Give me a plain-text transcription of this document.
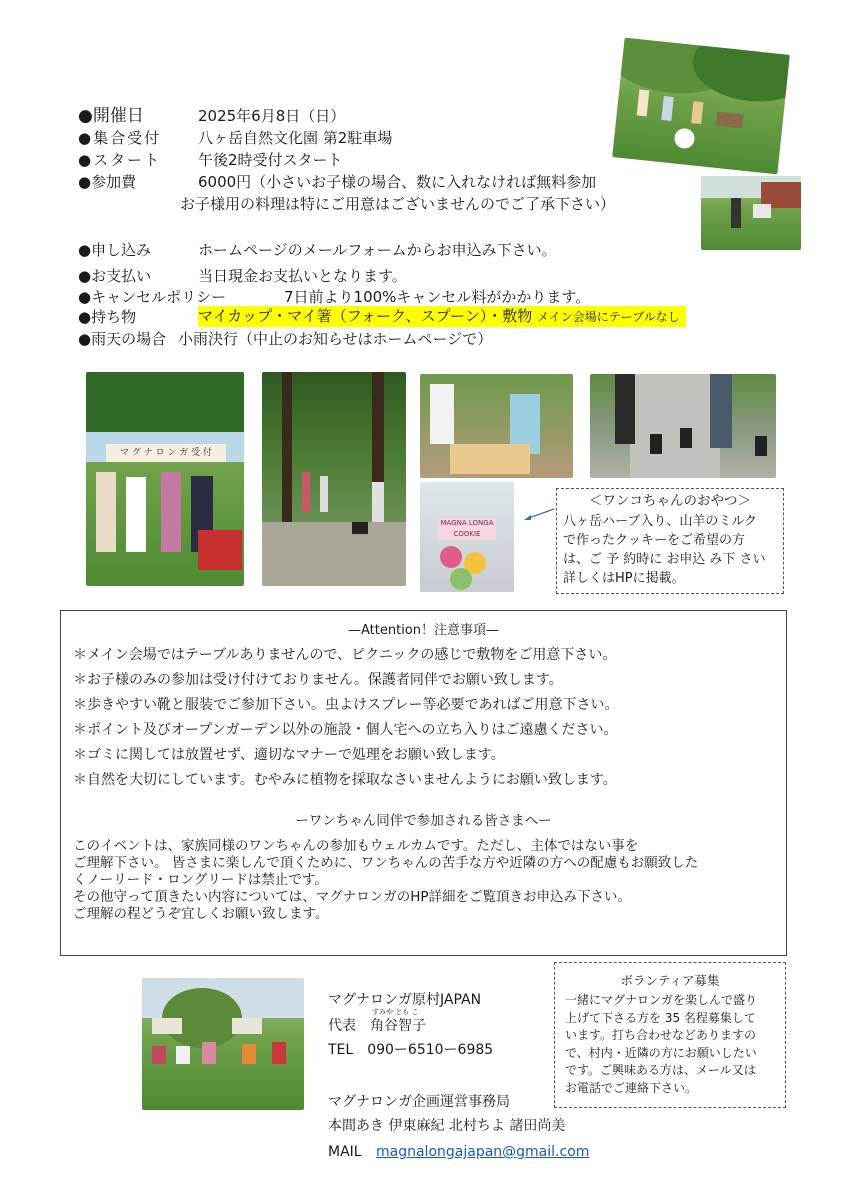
●開催日	2025年6月8日（日）
●集合受付 八ヶ岳自然文化園 第2駐車場
●スタート 午後2時受付スタート
●参加費	6000円（小さいお子様の場合、数に入れなければ無料参加
お子様用の料理は特にご用意はございませんのでご了承下さい）
●申し込み	ホームページのメールフォームからお申込み下さい。
●お支払い	当日現金お支払いとなります。
●キャンセルポリシー	7日前より100%キャンセル料がかかります。
●持ち物	マイカップ・マイ箸（フォーク、スプーン）・敷物 メイン会場にテーブルなし
●雨天の場合 小雨決行（中止のお知らせはホームページで）
マ グ ナ ロ ン ガ 受 付
MAGNA LONGA COOKIE
＜ワンコちゃんのおやつ＞
八ヶ岳ハーブ入り、山羊のミルク
で作ったクッキーをご希望の方
は、ご 予 約時に お申込 み下 さい
詳しくはHPに掲載。
—Attention！注意事項—
＊メイン会場ではテーブルありませんので、ピクニックの感じで敷物をご用意下さい。
＊お子様のみの参加は受け付けておりません。保護者同伴でお願い致します。
＊歩きやすい靴と服装でご参加下さい。虫よけスプレー等必要であればご用意下さい。
＊ポイント及びオープンガーデン以外の施設・個人宅への立ち入りはご遠慮ください。
＊ゴミに関しては放置せず、適切なマナーで処理をお願い致します。
＊自然を大切にしています。むやみに植物を採取なさいませんようにお願い致します。
ーワンちゃん同伴で参加される皆さまへー
このイベントは、家族同様のワンちゃんの参加もウェルカムです。ただし、主体ではない事を
ご理解下さい。 皆さまに楽しんで頂くために、ワンちゃんの苦手な方や近隣の方への配慮もお願致した
くノーリード・ロングリードは禁止です。
その他守って頂きたい内容については、マグナロンガのHP詳細をご覧頂きお申込み下さい。
ご理解の程どうぞ宜しくお願い致します。
マグナロンガ原村JAPAN
すみや とも こ
代表　角谷智子
TEL　090ー6510ー6985
マグナロンガ企画運営事務局
本間あき 伊東麻紀 北村ちよ 諸田尚美
MAIL magnalongajapan@gmail.com
ボランティア募集
一緒にマグナロンガを楽しんで盛り
上げて下さる方を 35 名程募集して
います。打ち合わせなどありますの
で、村内・近隣の方にお願いしたい
です。ご興味ある方は、メール又は
お電話でご連絡下さい。
